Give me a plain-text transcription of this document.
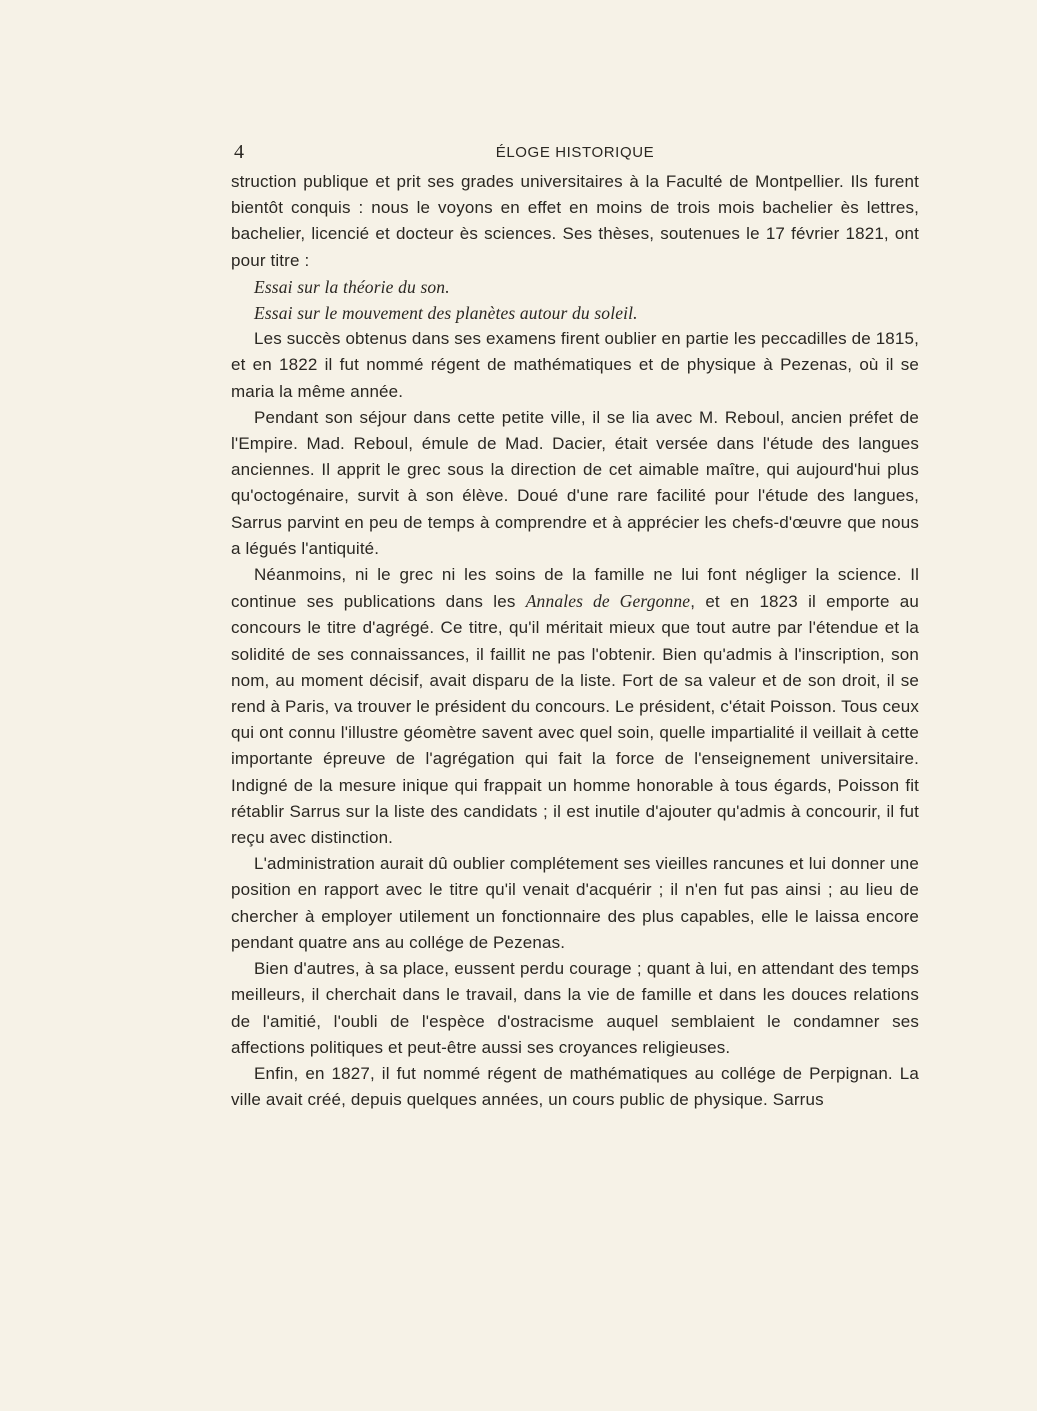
4	ÉLOGE HISTORIQUE

struction publique et prit ses grades universitaires à la Faculté de Montpellier. Ils furent bientôt conquis : nous le voyons en effet en moins de trois mois bachelier ès lettres, bachelier, licencié et docteur ès sciences. Ses thèses, soutenues le 17 février 1821, ont pour titre :

Essai sur la théorie du son.

Essai sur le mouvement des planètes autour du soleil.

Les succès obtenus dans ses examens firent oublier en partie les peccadilles de 1815, et en 1822 il fut nommé régent de mathématiques et de physique à Pezenas, où il se maria la même année.

Pendant son séjour dans cette petite ville, il se lia avec M. Reboul, ancien préfet de l'Empire. Mad. Reboul, émule de Mad. Dacier, était versée dans l'étude des langues anciennes. Il apprit le grec sous la direction de cet aimable maître, qui aujourd'hui plus qu'octogénaire, survit à son élève. Doué d'une rare facilité pour l'étude des langues, Sarrus parvint en peu de temps à comprendre et à apprécier les chefs-d'œuvre que nous a légués l'antiquité.

Néanmoins, ni le grec ni les soins de la famille ne lui font négliger la science. Il continue ses publications dans les Annales de Gergonne, et en 1823 il emporte au concours le titre d'agrégé. Ce titre, qu'il méritait mieux que tout autre par l'étendue et la solidité de ses connaissances, il faillit ne pas l'obtenir. Bien qu'admis à l'inscription, son nom, au moment décisif, avait disparu de la liste. Fort de sa valeur et de son droit, il se rend à Paris, va trouver le président du concours. Le président, c'était Poisson. Tous ceux qui ont connu l'illustre géomètre savent avec quel soin, quelle impartialité il veillait à cette importante épreuve de l'agrégation qui fait la force de l'enseignement universitaire. Indigné de la mesure inique qui frappait un homme honorable à tous égards, Poisson fit rétablir Sarrus sur la liste des candidats ; il est inutile d'ajouter qu'admis à concourir, il fut reçu avec distinction.

L'administration aurait dû oublier complétement ses vieilles rancunes et lui donner une position en rapport avec le titre qu'il venait d'acquérir ; il n'en fut pas ainsi ; au lieu de chercher à employer utilement un fonctionnaire des plus capables, elle le laissa encore pendant quatre ans au collége de Pezenas.

Bien d'autres, à sa place, eussent perdu courage ; quant à lui, en attendant des temps meilleurs, il cherchait dans le travail, dans la vie de famille et dans les douces relations de l'amitié, l'oubli de l'espèce d'ostracisme auquel semblaient le condamner ses affections politiques et peut-être aussi ses croyances religieuses.

Enfin, en 1827, il fut nommé régent de mathématiques au collége de Perpignan. La ville avait créé, depuis quelques années, un cours public de physique. Sarrus
